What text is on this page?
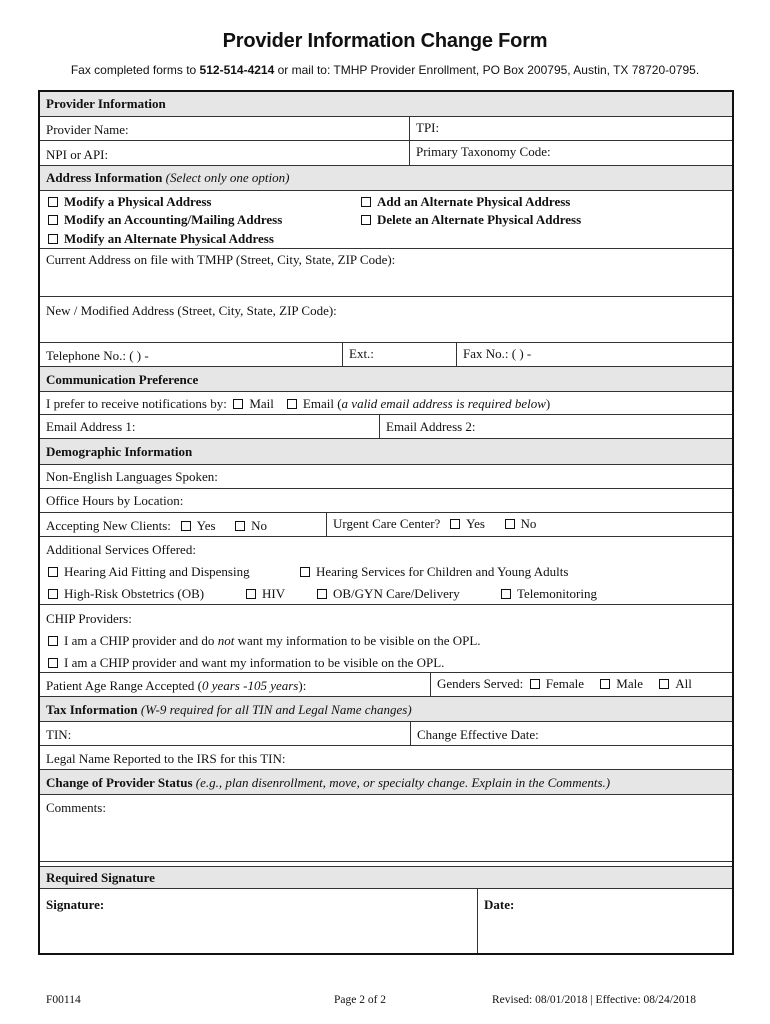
Provider Information Change Form
Fax completed forms to 512-514-4214 or mail to: TMHP Provider Enrollment, PO Box 200795, Austin, TX 78720-0795.
Provider Information
Provider Name:	TPI:
NPI or API:	Primary Taxonomy Code:
Address Information (Select only one option)
Modify a Physical Address	Add an Alternate Physical Address
Modify an Accounting/Mailing Address	Delete an Alternate Physical Address
Modify an Alternate Physical Address
Current Address on file with TMHP (Street, City, State, ZIP Code):
New / Modified Address (Street, City, State, ZIP Code):
Telephone No.: ( ) -	Ext.:	Fax No.: ( ) -
Communication Preference
I prefer to receive notifications by: Mail Email (a valid email address is required below)
Email Address 1:	Email Address 2:
Demographic Information
Non-English Languages Spoken:
Office Hours by Location:
Accepting New Clients: Yes	No	Urgent Care Center? Yes	No
Additional Services Offered:
Hearing Aid Fitting and Dispensing	Hearing Services for Children and Young Adults
High-Risk Obstetrics (OB)	HIV	OB/GYN Care/Delivery	Telemonitoring
CHIP Providers:
I am a CHIP provider and do not want my information to be visible on the OPL.
I am a CHIP provider and want my information to be visible on the OPL.
Patient Age Range Accepted (0 years -105 years):	Genders Served: Female Male All
Tax Information (W-9 required for all TIN and Legal Name changes)
TIN:	Change Effective Date:
Legal Name Reported to the IRS for this TIN:
Change of Provider Status (e.g., plan disenrollment, move, or specialty change. Explain in the Comments.)
Comments:
Required Signature
Signature:	Date:
F00114	Page 2 of 2	Revised: 08/01/2018 | Effective: 08/24/2018
